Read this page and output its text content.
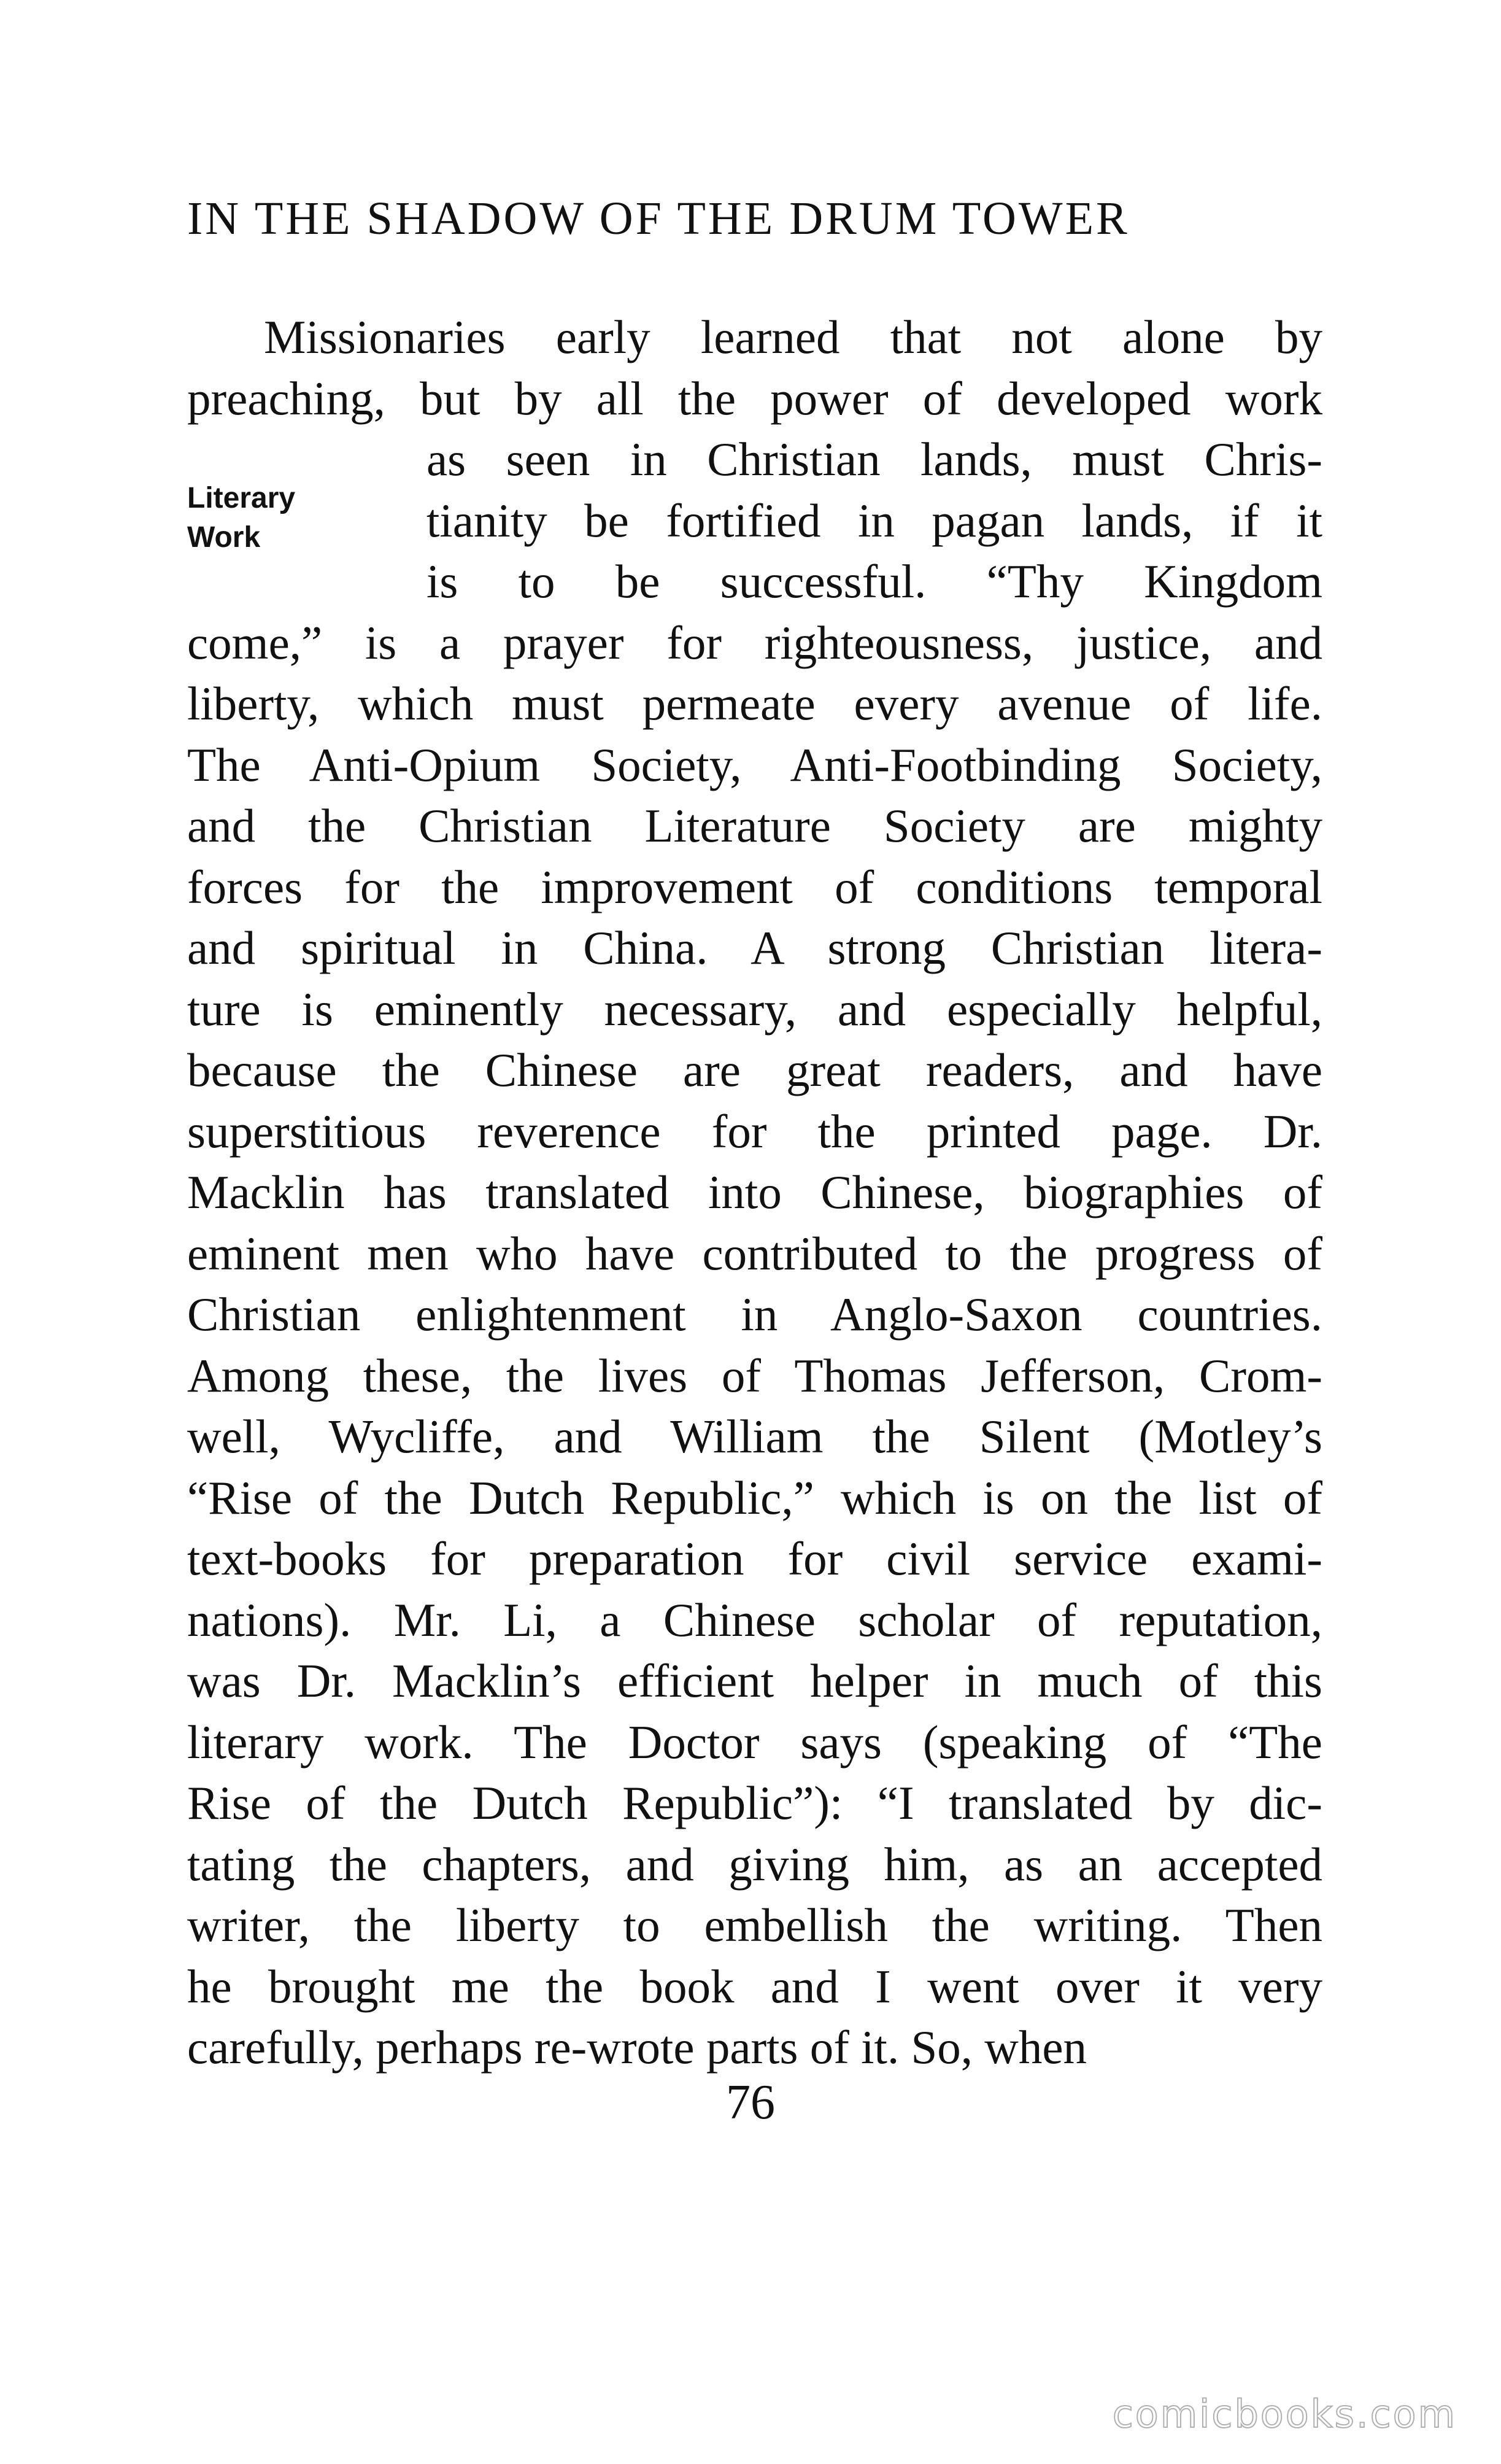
IN THE SHADOW OF THE DRUM TOWER
Literary
Work
Missionaries early learned that not alone by
preaching, but by all the power of developed work
as seen in Christian lands, must Chris-
tianity be fortified in pagan lands, if it
is to be successful. “Thy Kingdom
come,” is a prayer for righteousness, justice, and
liberty, which must permeate every avenue of life.
The Anti-Opium Society, Anti-Footbinding Society,
and the Christian Literature Society are mighty
forces for the improvement of conditions temporal
and spiritual in China. A strong Christian litera-
ture is eminently necessary, and especially helpful,
because the Chinese are great readers, and have
superstitious reverence for the printed page. Dr.
Macklin has translated into Chinese, biographies of
eminent men who have contributed to the progress of
Christian enlightenment in Anglo-Saxon countries.
Among these, the lives of Thomas Jefferson, Crom-
well, Wycliffe, and William the Silent (Motley’s
“Rise of the Dutch Republic,” which is on the list of
text-books for preparation for civil service exami-
nations). Mr. Li, a Chinese scholar of reputation,
was Dr. Macklin’s efficient helper in much of this
literary work. The Doctor says (speaking of “The
Rise of the Dutch Republic”): “I translated by dic-
tating the chapters, and giving him, as an accepted
writer, the liberty to embellish the writing. Then
he brought me the book and I went over it very
carefully, perhaps re-wrote parts of it. So, when
76
comicbooks.com
